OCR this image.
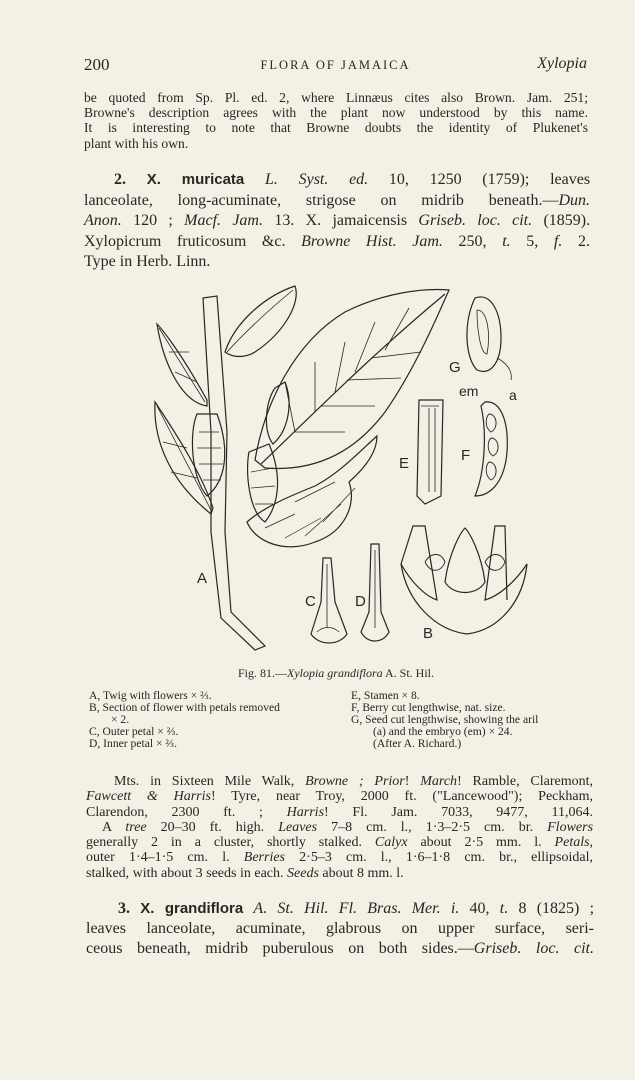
200	FLORA OF JAMAICA	Xylopia
be quoted from Sp. Pl. ed. 2, where Linnæus cites also Brown. Jam. 251;
Browne's description agrees with the plant now understood by this name.
It is interesting to note that Browne doubts the identity of Plukenet's
plant with his own.
2. X. muricata L. Syst. ed. 10, 1250 (1759); leaves
lanceolate, long-acuminate, strigose on midrib beneath.—Dun.
Anon. 120 ; Macf. Jam. 13. X. jamaicensis Griseb. loc. cit. (1859).
Xylopicrum fruticosum &c. Browne Hist. Jam. 250, t. 5, f. 2.
Type in Herb. Linn.
A
B
C	D
E	F
G
em a
Fig. 81.—Xylopia grandiflora A. St. Hil.
A, Twig with flowers × ⅔.
B, Section of flower with petals removed
× 2.
C, Outer petal × ⅔.
D, Inner petal × ⅔.
E, Stamen × 8.
F, Berry cut lengthwise, nat. size.
G, Seed cut lengthwise, showing the aril
(a) and the embryo (em) × 24.
(After A. Richard.)
Mts. in Sixteen Mile Walk, Browne ; Prior! March! Ramble, Claremont,
Fawcett & Harris! Tyre, near Troy, 2000 ft. ("Lancewood"); Peckham,
Clarendon, 2300 ft. ; Harris! Fl. Jam. 7033, 9477, 11,064.
A tree 20–30 ft. high. Leaves 7–8 cm. l., 1·3–2·5 cm. br. Flowers
generally 2 in a cluster, shortly stalked. Calyx about 2·5 mm. l. Petals,
outer 1·4–1·5 cm. l. Berries 2·5–3 cm. l., 1·6–1·8 cm. br., ellipsoidal,
stalked, with about 3 seeds in each. Seeds about 8 mm. l.
3. X. grandiflora A. St. Hil. Fl. Bras. Mer. i. 40, t. 8 (1825) ;
leaves lanceolate, acuminate, glabrous on upper surface, seri-
ceous beneath, midrib puberulous on both sides.—Griseb. loc. cit.
